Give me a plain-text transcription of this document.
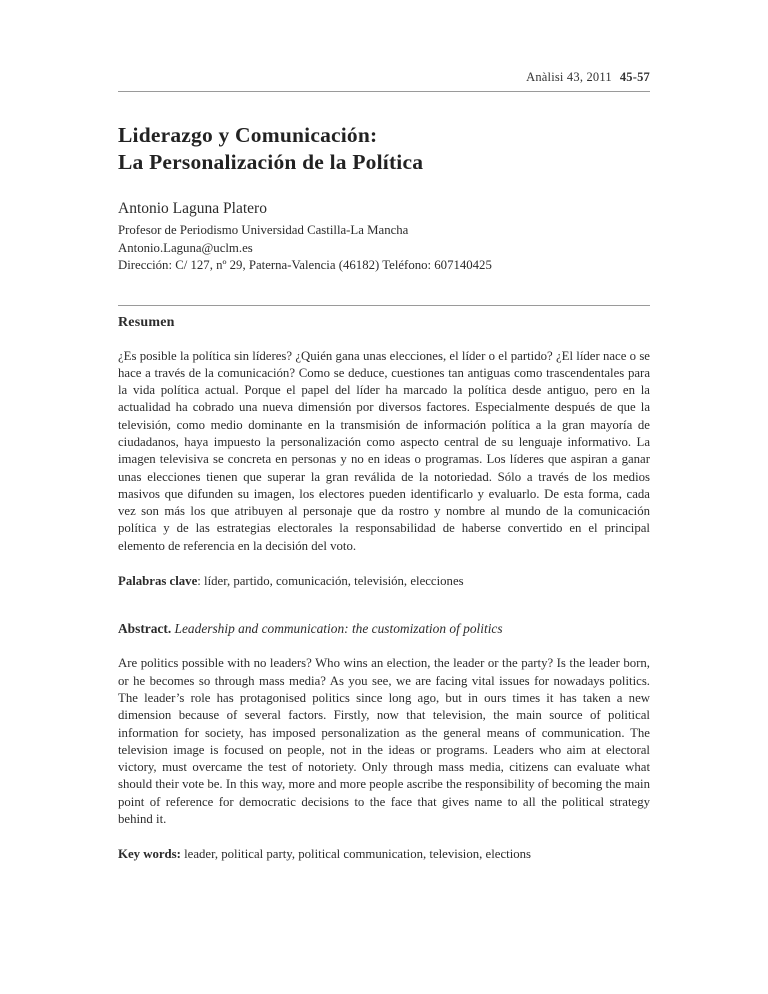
Anàlisi 43, 2011 45-57
Liderazgo y Comunicación:
La Personalización de la Política
Antonio Laguna Platero
Profesor de Periodismo Universidad Castilla-La Mancha
Antonio.Laguna@uclm.es
Dirección: C/ 127, nº 29, Paterna-Valencia (46182) Teléfono: 607140425
Resumen
¿Es posible la política sin líderes? ¿Quién gana unas elecciones, el líder o el partido? ¿El líder nace o se hace a través de la comunicación? Como se deduce, cuestiones tan antiguas como trascendentales para la vida política actual. Porque el papel del líder ha marcado la política desde antiguo, pero en la actualidad ha cobrado una nueva dimensión por diversos factores. Especialmente después de que la televisión, como medio dominante en la transmisión de información política a la gran mayoría de ciudadanos, haya impuesto la personalización como aspecto central de su lenguaje informativo. La imagen televisiva se concreta en personas y no en ideas o programas. Los líderes que aspiran a ganar unas elecciones tienen que superar la gran reválida de la notoriedad. Sólo a través de los medios masivos que difunden su imagen, los electores pueden identificarlo y evaluarlo. De esta forma, cada vez son más los que atribuyen al personaje que da rostro y nombre al mundo de la comunicación política y de las estrategias electorales la responsabilidad de haberse convertido en el principal elemento de referencia en la decisión del voto.
Palabras clave: líder, partido, comunicación, televisión, elecciones
Abstract. Leadership and communication: the customization of politics
Are politics possible with no leaders? Who wins an election, the leader or the party? Is the leader born, or he becomes so through mass media? As you see, we are facing vital issues for nowadays politics. The leader’s role has protagonised politics since long ago, but in ours times it has taken a new dimension because of several factors. Firstly, now that television, the main source of political information for society, has imposed personalization as the general means of communication. The television image is focused on people, not in the ideas or programs. Leaders who aim at electoral victory, must overcame the test of notoriety. Only through mass media, citizens can evaluate what should their vote be. In this way, more and more people ascribe the responsibility of becoming the main point of reference for democratic decisions to the face that gives name to all the political strategy behind it.
Key words: leader, political party, political communication, television, elections
